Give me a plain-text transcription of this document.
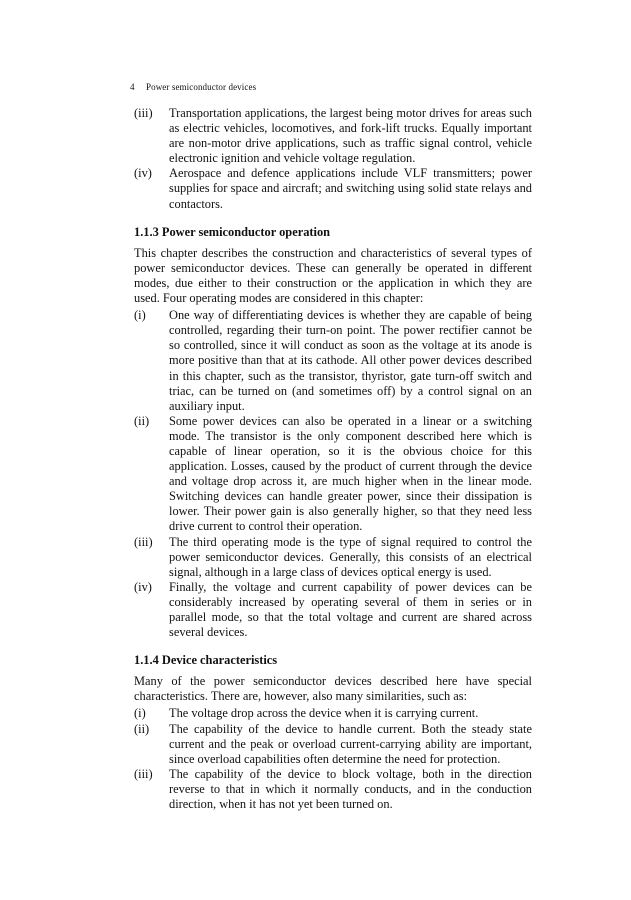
4 Power semiconductor devices
(iii)	Transportation applications, the largest being motor drives for areas such as electric vehicles, locomotives, and fork-lift trucks. Equally important are non-motor drive applications, such as traffic signal control, vehicle electronic ignition and vehicle voltage regulation.
(iv)	Aerospace and defence applications include VLF transmitters; power supplies for space and aircraft; and switching using solid state relays and contactors.
1.1.3 Power semiconductor operation

This chapter describes the construction and characteristics of several types of power semiconductor devices. These can generally be operated in different modes, due either to their construction or the application in which they are used. Four operating modes are considered in this chapter:

(i)	One way of differentiating devices is whether they are capable of being controlled, regarding their turn-on point. The power rectifier cannot be so controlled, since it will conduct as soon as the voltage at its anode is more positive than that at its cathode. All other power devices described in this chapter, such as the transistor, thyristor, gate turn-off switch and triac, can be turned on (and sometimes off) by a control signal on an auxiliary input.
(ii)	Some power devices can also be operated in a linear or a switching mode. The transistor is the only component described here which is capable of linear operation, so it is the obvious choice for this application. Losses, caused by the product of current through the device and voltage drop across it, are much higher when in the linear mode. Switching devices can handle greater power, since their dissipation is lower. Their power gain is also generally higher, so that they need less drive current to control their operation.
(iii)	The third operating mode is the type of signal required to control the power semiconductor devices. Generally, this consists of an electrical signal, although in a large class of devices optical energy is used.
(iv)	Finally, the voltage and current capability of power devices can be considerably increased by operating several of them in series or in parallel mode, so that the total voltage and current are shared across several devices.
1.1.4 Device characteristics

Many of the power semiconductor devices described here have special characteristics. There are, however, also many similarities, such as:

(i)	The voltage drop across the device when it is carrying current.
(ii)	The capability of the device to handle current. Both the steady state current and the peak or overload current-carrying ability are important, since overload capabilities often determine the need for protection.
(iii)	The capability of the device to block voltage, both in the direction reverse to that in which it normally conducts, and in the conduction direction, when it has not yet been turned on.
